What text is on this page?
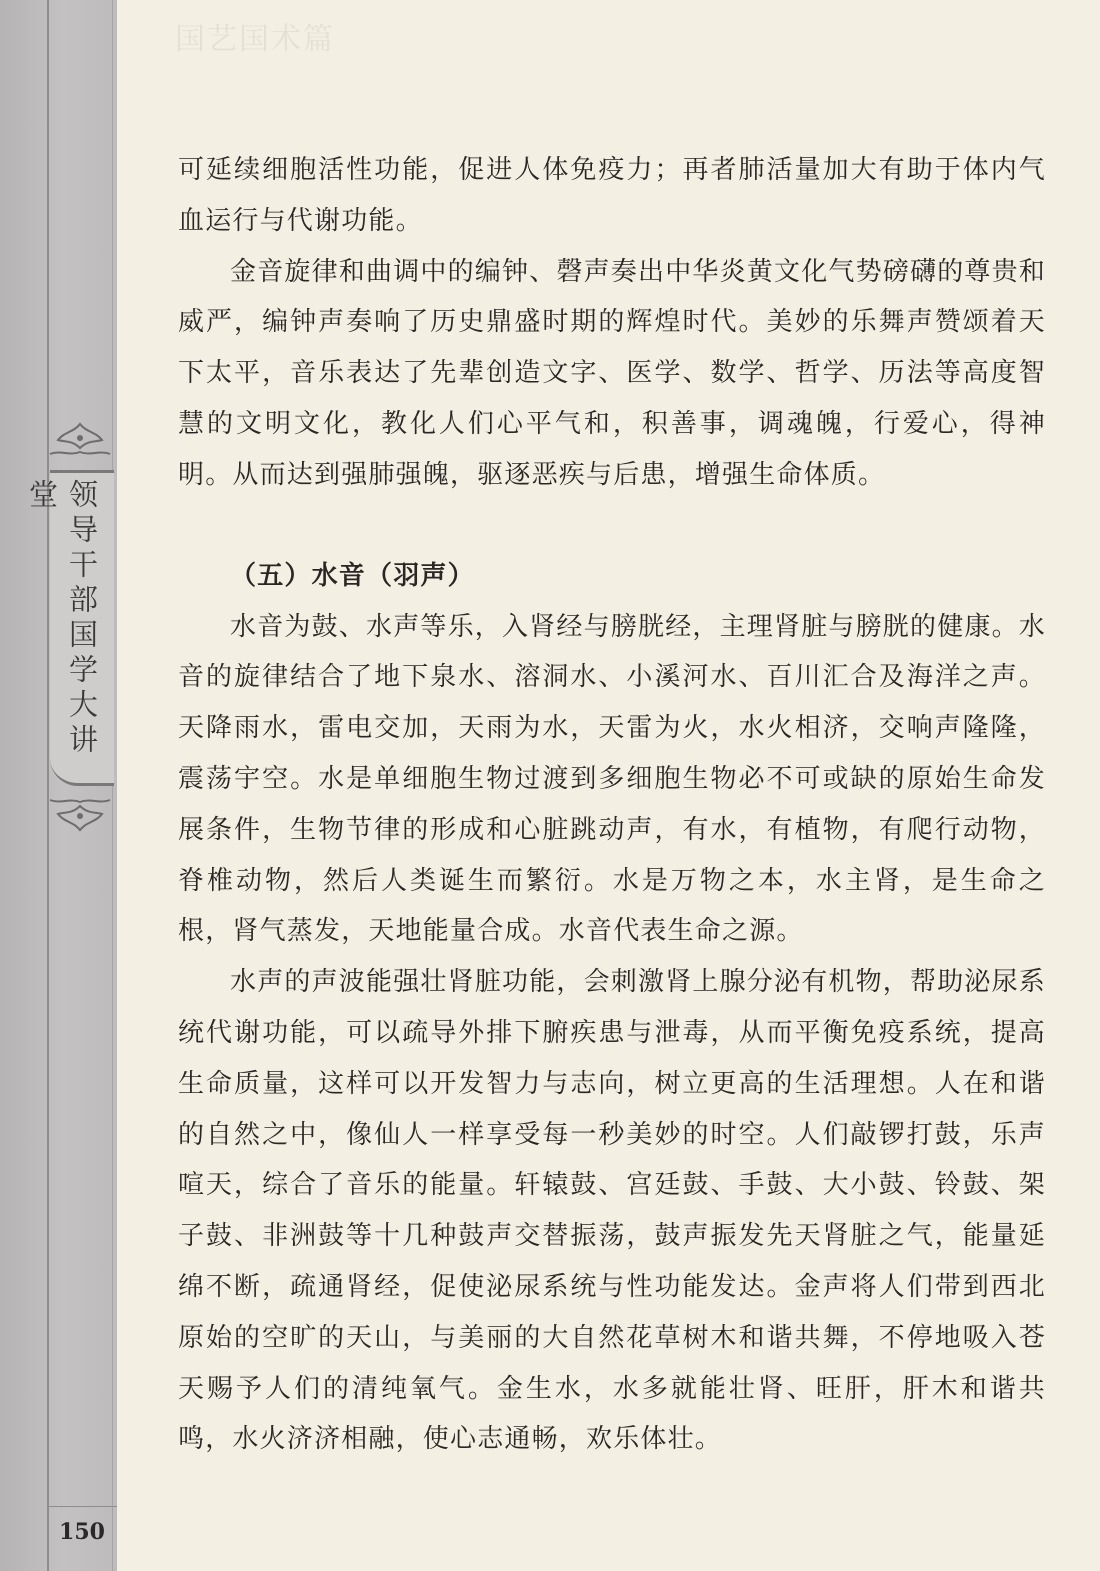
领导干部国学大讲堂
150
国艺国术篇

可延续细胞活性功能，促进人体免疫力；再者肺活量加大有助于体内气血运行与代谢功能。

金音旋律和曲调中的编钟、磬声奏出中华炎黄文化气势磅礴的尊贵和威严，编钟声奏响了历史鼎盛时期的辉煌时代。美妙的乐舞声赞颂着天下太平，音乐表达了先辈创造文字、医学、数学、哲学、历法等高度智慧的文明文化，教化人们心平气和，积善事，调魂魄，行爱心，得神明。从而达到强肺强魄，驱逐恶疾与后患，增强生命体质。

（五）水音（羽声）

水音为鼓、水声等乐，入肾经与膀胱经，主理肾脏与膀胱的健康。水音的旋律结合了地下泉水、溶洞水、小溪河水、百川汇合及海洋之声。天降雨水，雷电交加，天雨为水，天雷为火，水火相济，交响声隆隆，震荡宇空。水是单细胞生物过渡到多细胞生物必不可或缺的原始生命发展条件，生物节律的形成和心脏跳动声，有水，有植物，有爬行动物，脊椎动物，然后人类诞生而繁衍。水是万物之本，水主肾，是生命之根，肾气蒸发，天地能量合成。水音代表生命之源。

水声的声波能强壮肾脏功能，会刺激肾上腺分泌有机物，帮助泌尿系统代谢功能，可以疏导外排下腑疾患与泄毒，从而平衡免疫系统，提高生命质量，这样可以开发智力与志向，树立更高的生活理想。人在和谐的自然之中，像仙人一样享受每一秒美妙的时空。人们敲锣打鼓，乐声喧天，综合了音乐的能量。轩辕鼓、宫廷鼓、手鼓、大小鼓、铃鼓、架子鼓、非洲鼓等十几种鼓声交替振荡，鼓声振发先天肾脏之气，能量延绵不断，疏通肾经，促使泌尿系统与性功能发达。金声将人们带到西北原始的空旷的天山，与美丽的大自然花草树木和谐共舞，不停地吸入苍天赐予人们的清纯氧气。金生水，水多就能壮肾、旺肝，肝木和谐共鸣，水火济济相融，使心志通畅，欢乐体壮。
